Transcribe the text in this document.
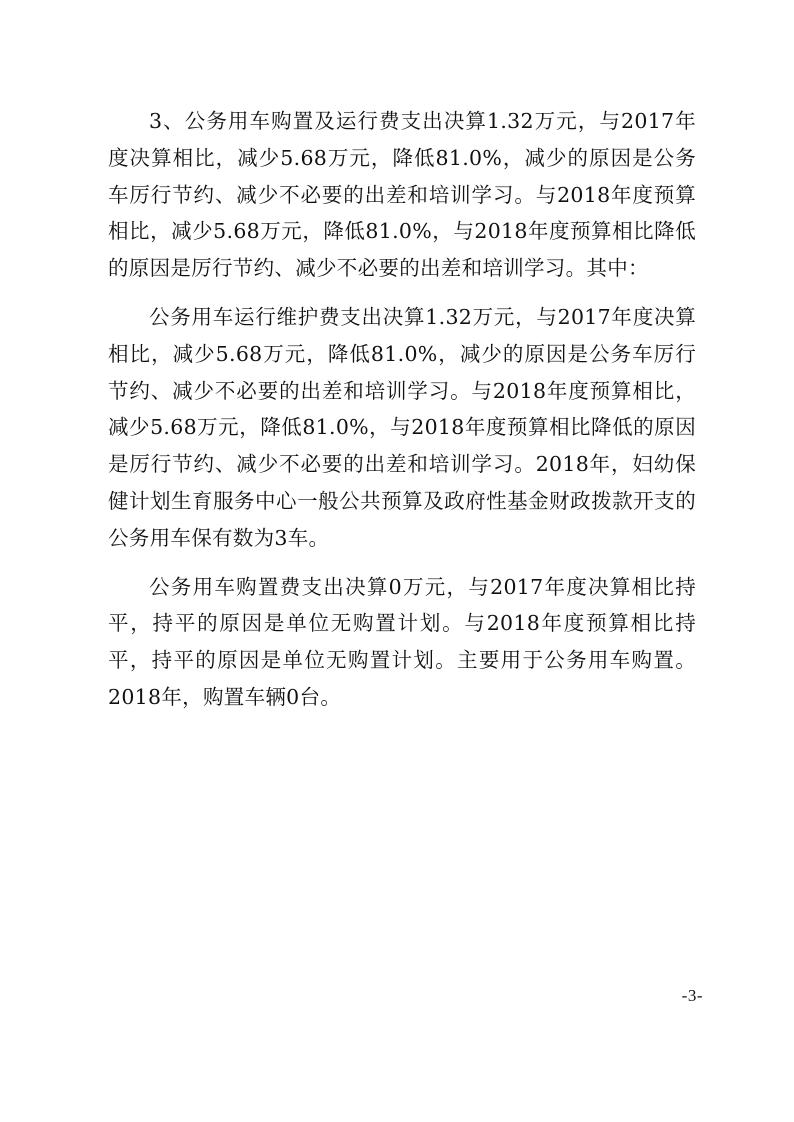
3、公务用车购置及运行费支出决算1.32万元，与2017年度决算相比，减少5.68万元，降低81.0%，减少的原因是公务车厉行节约、减少不必要的出差和培训学习。与2018年度预算相比，减少5.68万元，降低81.0%，与2018年度预算相比降低的原因是厉行节约、减少不必要的出差和培训学习。其中：

公务用车运行维护费支出决算1.32万元，与2017年度决算相比，减少5.68万元，降低81.0%，减少的原因是公务车厉行节约、减少不必要的出差和培训学习。与2018年度预算相比，减少5.68万元，降低81.0%，与2018年度预算相比降低的原因是厉行节约、减少不必要的出差和培训学习。2018年，妇幼保健计划生育服务中心一般公共预算及政府性基金财政拨款开支的公务用车保有数为3车。

公务用车购置费支出决算0万元，与2017年度决算相比持平，持平的原因是单位无购置计划。与2018年度预算相比持平，持平的原因是单位无购置计划。主要用于公务用车购置。2018年，购置车辆0台。

-3-
